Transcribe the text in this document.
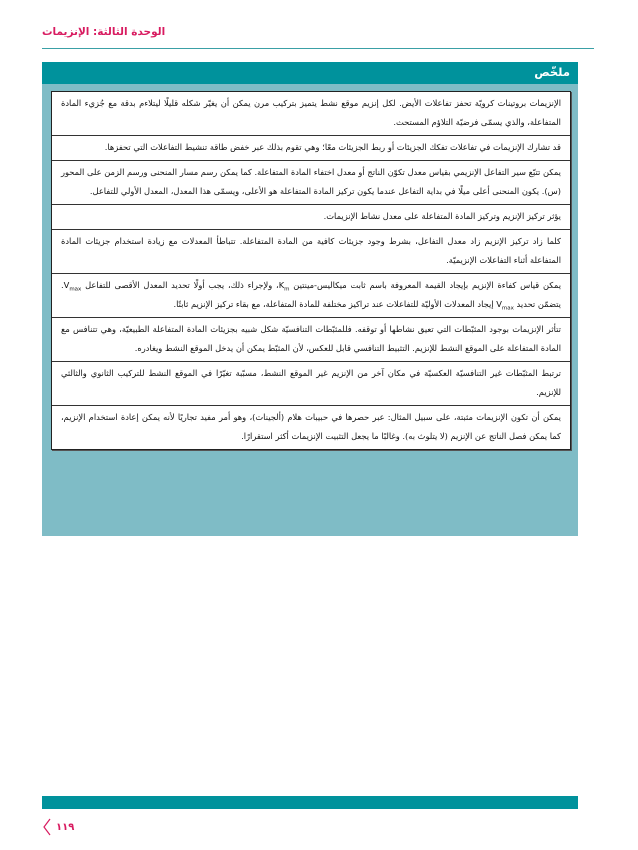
الوحدة الثالثة: الإنزيمات
ملخّص
الإنزيمات بروتينات كرويّة تحفز تفاعلات الأيض. لكل إنزيم موقع نشط يتميز بتركيب مرن يمكن أن يغيّر شكله قليلًا ليتلاءم بدقة مع جُزيء المادة المتفاعلة، والذي يسمّى فرضيّة التلاؤم المستحث.
قد تشارك الإنزيمات في تفاعلات تفكك الجزيئات أو ربط الجزيئات معًا؛ وهي تقوم بذلك عبر خفض طاقة تنشيط التفاعلات التي تحفزها.
يمكن تتبّع سير التفاعل الإنزيمي بقياس معدل تكوّن الناتج أو معدل اختفاء المادة المتفاعلة. كما يمكن رسم مسار المنحنى ورسم الزمن على المحور (س). يكون المنحنى أعلى ميلًا في بداية التفاعل عندما يكون تركيز المادة المتفاعلة هو الأعلى، ويسمّى هذا المعدل، المعدل الأولي للتفاعل.
يؤثر تركيز الإنزيم وتركيز المادة المتفاعلة على معدل نشاط الإنزيمات.
كلما زاد تركيز الإنزيم زاد معدل التفاعل، بشرط وجود جزيئات كافية من المادة المتفاعلة. تتباطأ المعدلات مع زيادة استخدام جزيئات المادة المتفاعلة أثناء التفاعلات الإنزيميّة.
يمكن قياس كفاءة الإنزيم بإيجاد القيمة المعروفة باسم ثابت ميكاليس-مينتين $K_m،$ ولإجراء ذلك، يجب أولًا تحديد المعدل الأقصى للتفاعل $V_{max}$. يتضمّن تحديد $V_{max}$ إيجاد المعدلات الأوليّة للتفاعلات عند تراكيز مختلفة للمادة المتفاعلة، مع بقاء تركيز الإنزيم ثابتًا.
تتأثر الإنزيمات بوجود المثبّطات التي تعيق نشاطها أو توقفه. فللمثبّطات التنافسيّة شكل شبيه بجزيئات المادة المتفاعلة الطبيعيّة، وهي تتنافس مع المادة المتفاعلة على الموقع النشط للإنزيم. التثبيط التنافسي قابل للعكس، لأن المثبّط يمكن أن يدخل الموقع النشط ويغادره.
ترتبط المثبّطات غير التنافسيّة العكسيّة في مكان آخر من الإنزيم غير الموقع النشط، مسبّبة تغيّرًا في الموقع النشط للتركيب الثانوي والثالثي للإنزيم.
يمكن أن تكون الإنزيمات مثبتة، على سبيل المثال: عبر حصرها في حبيبات هلام (ألجينات)، وهو أمر مفيد تجاريًا لأنه يمكن إعادة استخدام الإنزيم، كما يمكن فصل الناتج عن الإنزيم (لا يتلوث به). وغالبًا ما يجعل التثبيت الإنزيمات أكثر استقرارًا.
١١٩
